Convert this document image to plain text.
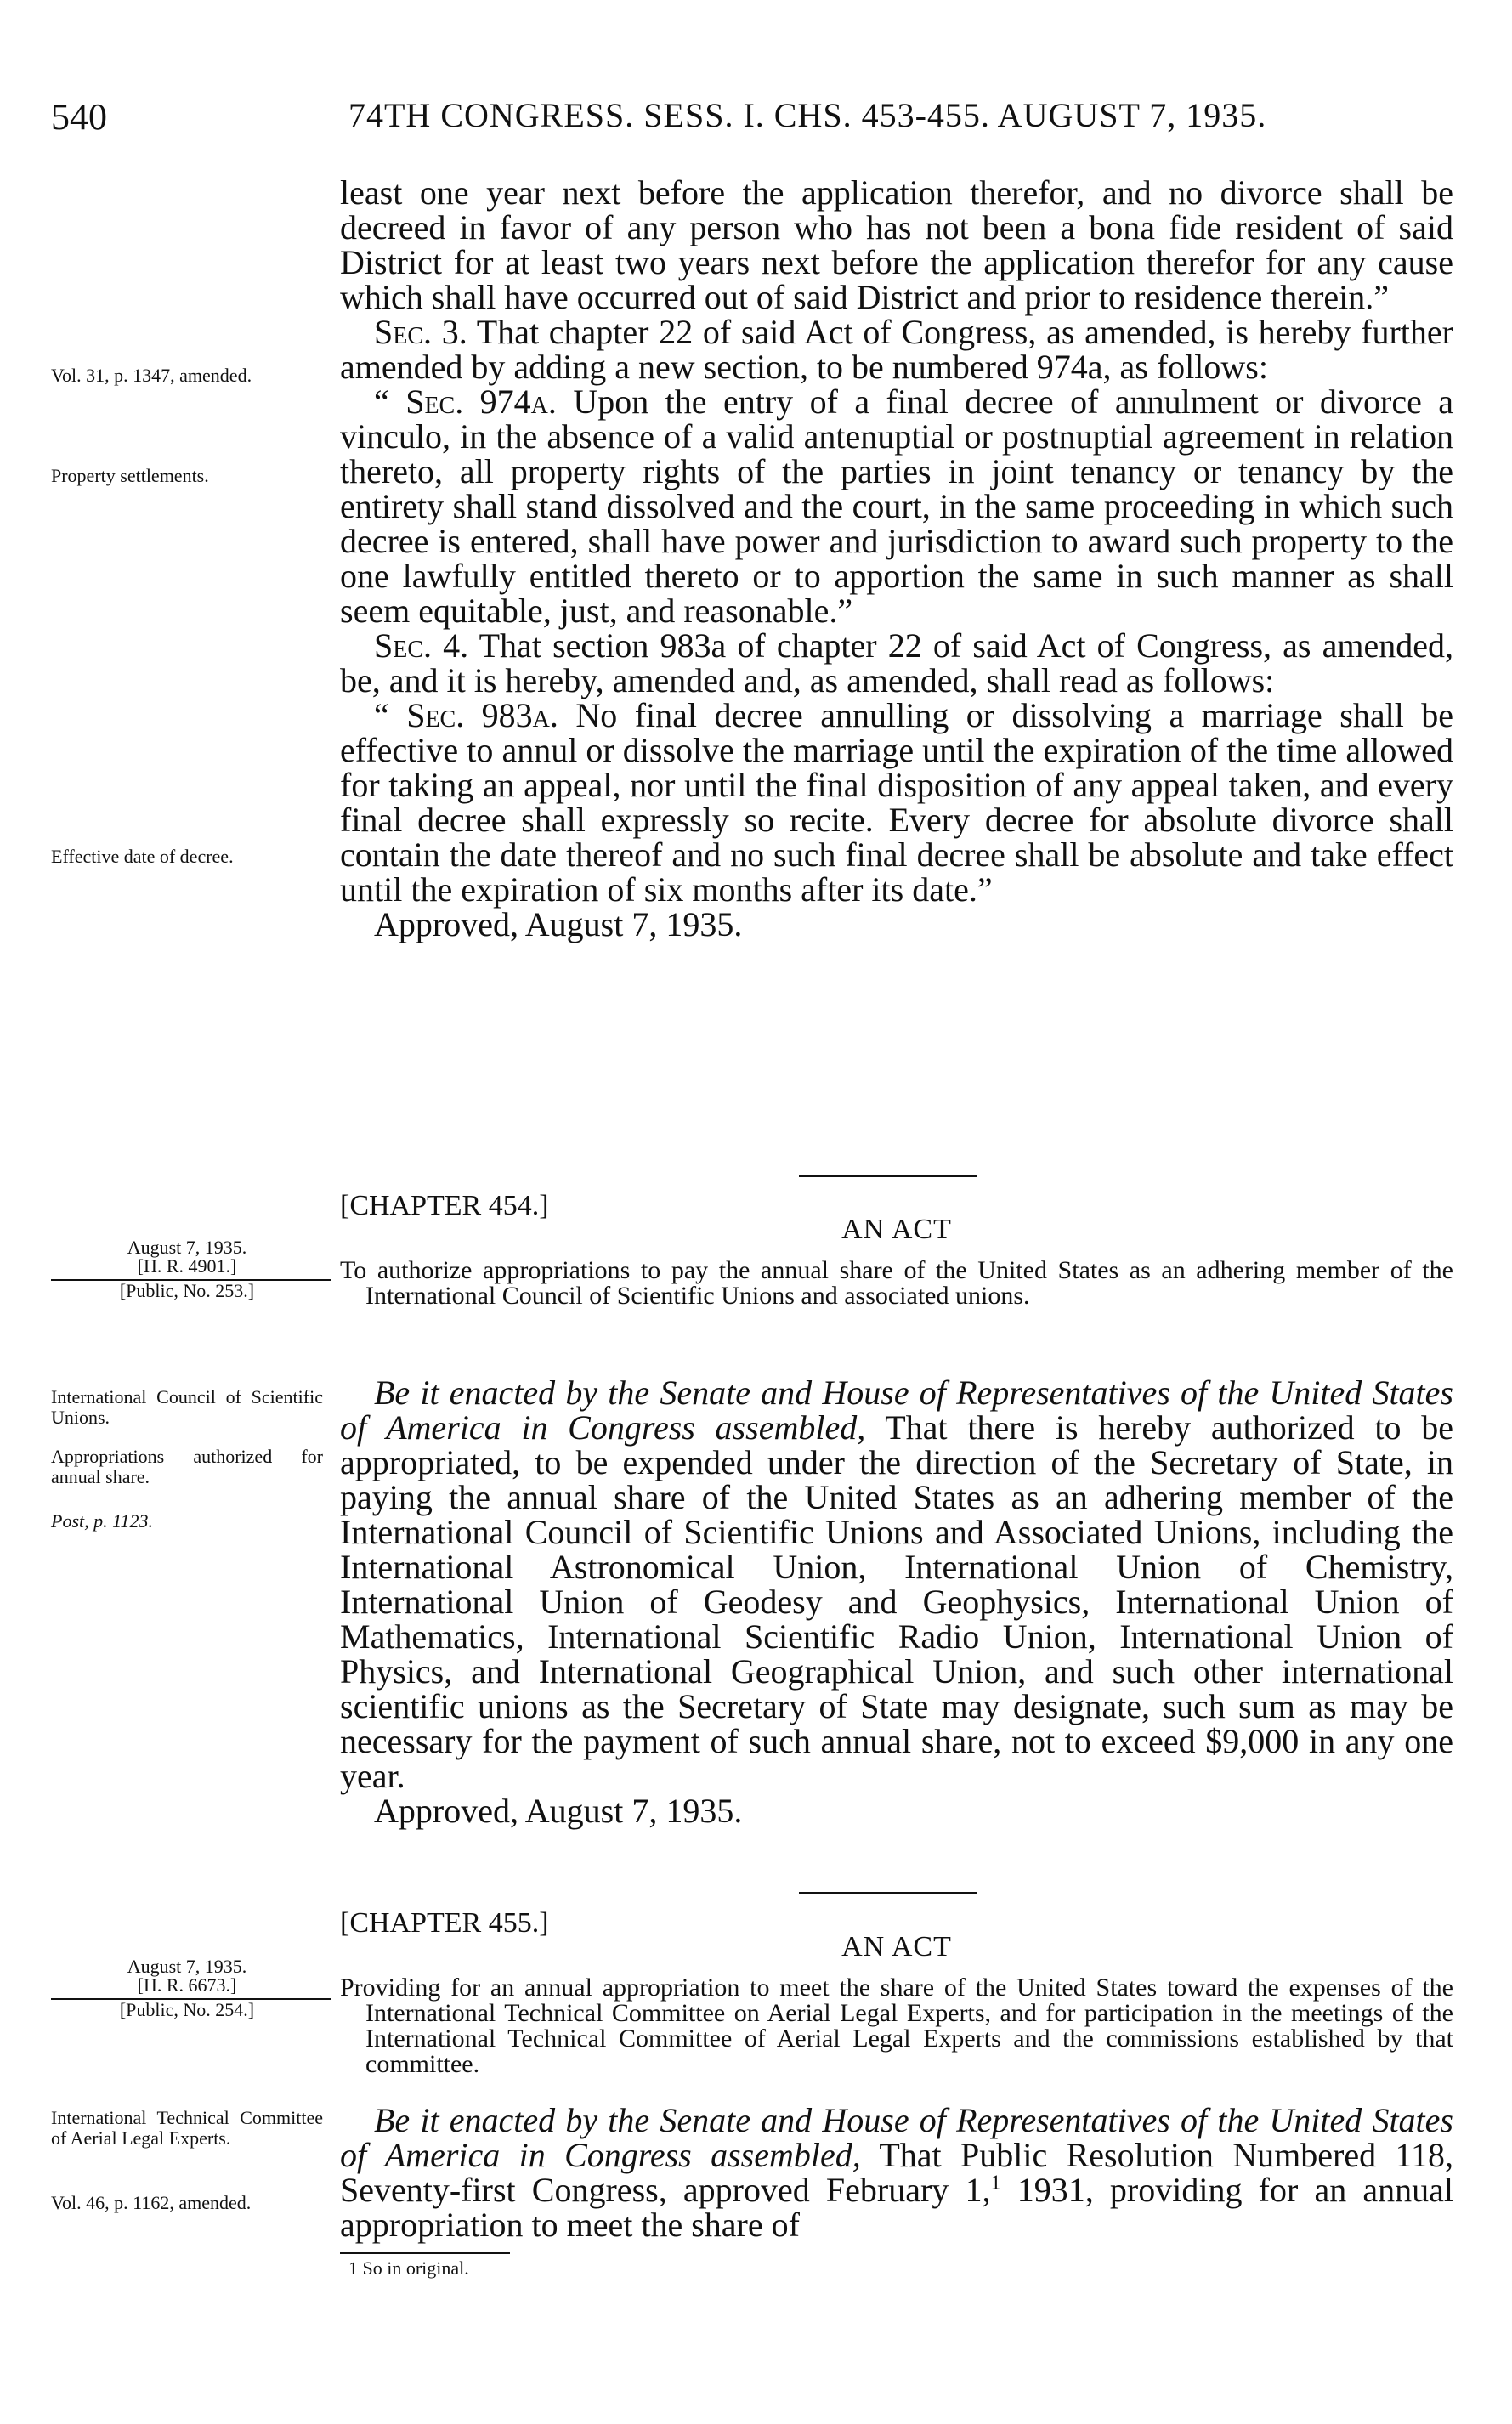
540	74TH CONGRESS. SESS. I. CHS. 453-455. AUGUST 7, 1935.
Vol. 31, p. 1347, amended.
Property settlements.
Effective date of decree.
August 7, 1935.
[H. R. 4901.]
[Public, No. 253.]
International Council of Scientific Unions.
Appropriations authorized for annual share.
Post, p. 1123.
August 7, 1935.
[H. R. 6673.]
[Public, No. 254.]
International Technical Committee of Aerial Legal Experts.
Vol. 46, p. 1162, amended.

least one year next before the application therefor, and no divorce shall be decreed in favor of any person who has not been a bona fide resident of said District for at least two years next before the application therefor for any cause which shall have occurred out of said District and prior to residence therein.”

Sec. 3. That chapter 22 of said Act of Congress, as amended, is hereby further amended by adding a new section, to be numbered 974a, as follows:

“ Sec. 974a. Upon the entry of a final decree of annulment or divorce a vinculo, in the absence of a valid antenuptial or postnuptial agreement in relation thereto, all property rights of the parties in joint tenancy or tenancy by the entirety shall stand dissolved and the court, in the same proceeding in which such decree is entered, shall have power and jurisdiction to award such property to the one lawfully entitled thereto or to apportion the same in such manner as shall seem equitable, just, and reasonable.”

Sec. 4. That section 983a of chapter 22 of said Act of Congress, as amended, be, and it is hereby, amended and, as amended, shall read as follows:

“ Sec. 983a. No final decree annulling or dissolving a marriage shall be effective to annul or dissolve the marriage until the expiration of the time allowed for taking an appeal, nor until the final disposition of any appeal taken, and every final decree shall expressly so recite. Every decree for absolute divorce shall contain the date thereof and no such final decree shall be absolute and take effect until the expiration of six months after its date.”

Approved, August 7, 1935.

[CHAPTER 454.]
AN ACT
To authorize appropriations to pay the annual share of the United States as an adhering member of the International Council of Scientific Unions and associated unions.

Be it enacted by the Senate and House of Representatives of the United States of America in Congress assembled, That there is hereby authorized to be appropriated, to be expended under the direction of the Secretary of State, in paying the annual share of the United States as an adhering member of the International Council of Scientific Unions and Associated Unions, including the International Astronomical Union, International Union of Chemistry, International Union of Geodesy and Geophysics, International Union of Mathematics, International Scientific Radio Union, International Union of Physics, and International Geographical Union, and such other international scientific unions as the Secretary of State may designate, such sum as may be necessary for the payment of such annual share, not to exceed $9,000 in any one year.

Approved, August 7, 1935.

[CHAPTER 455.]
AN ACT
Providing for an annual appropriation to meet the share of the United States toward the expenses of the International Technical Committee on Aerial Legal Experts, and for participation in the meetings of the International Technical Committee of Aerial Legal Experts and the commissions established by that committee.

Be it enacted by the Senate and House of Representatives of the United States of America in Congress assembled, That Public Resolution Numbered 118, Seventy-first Congress, approved February 1,$^1$ 1931, providing for an annual appropriation to meet the share of

1 So in original.
